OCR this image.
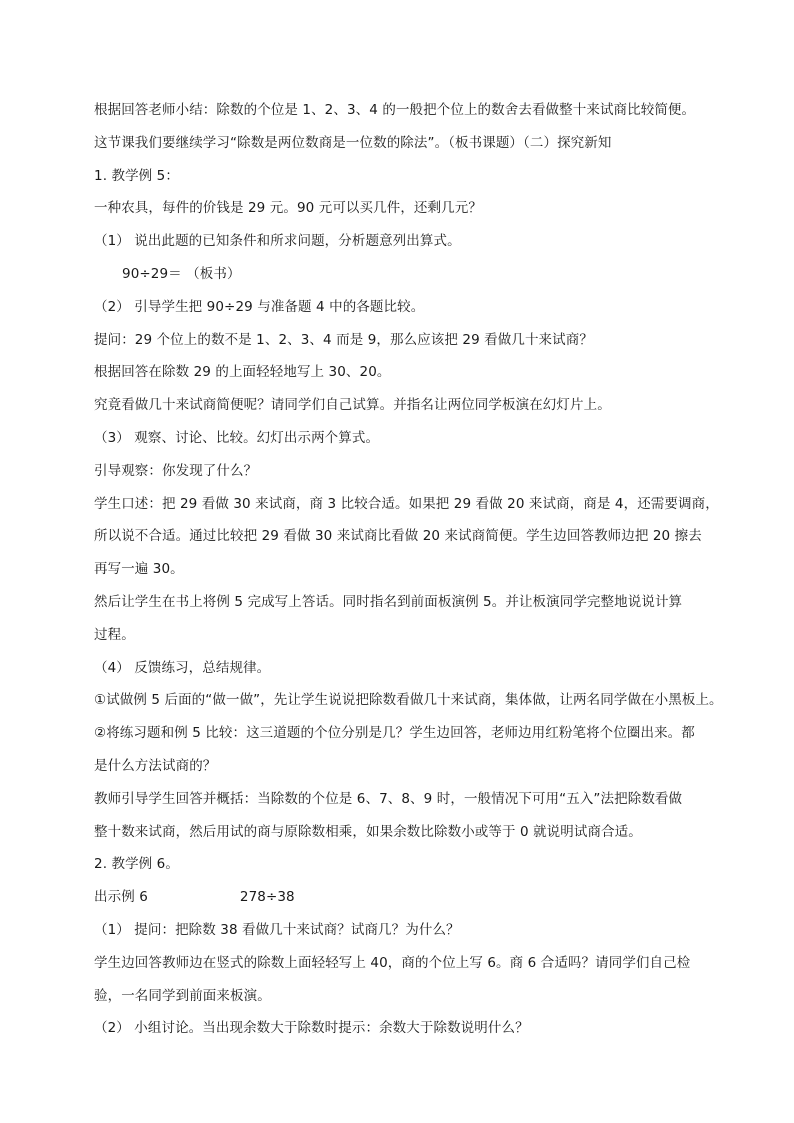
根据回答老师小结：除数的个位是 1、2、3、4 的一般把个位上的数舍去看做整十来试商比较简便。
这节课我们要继续学习“除数是两位数商是一位数的除法”。（板书课题）（二）探究新知
1. 教学例 5：
一种农具，每件的价钱是 29 元。90 元可以买几件，还剩几元？
（1） 说出此题的已知条件和所求问题，分析题意列出算式。
90÷29＝ （板书）
（2） 引导学生把 90÷29 与准备题 4 中的各题比较。
提问：29 个位上的数不是 1、2、3、4 而是 9，那么应该把 29 看做几十来试商？
根据回答在除数 29 的上面轻轻地写上 30、20。
究竟看做几十来试商简便呢？请同学们自己试算。并指名让两位同学板演在幻灯片上。
（3） 观察、讨论、比较。幻灯出示两个算式。
引导观察：你发现了什么？
学生口述：把 29 看做 30 来试商，商 3 比较合适。如果把 29 看做 20 来试商，商是 4，还需要调商，
所以说不合适。通过比较把 29 看做 30 来试商比看做 20 来试商简便。学生边回答教师边把 20 擦去
再写一遍 30。
然后让学生在书上将例 5 完成写上答话。同时指名到前面板演例 5。并让板演同学完整地说说计算
过程。
（4） 反馈练习，总结规律。
①试做例 5 后面的“做一做”，先让学生说说把除数看做几十来试商，集体做，让两名同学做在小黑板上。
②将练习题和例 5 比较：这三道题的个位分别是几？学生边回答，老师边用红粉笔将个位圈出来。都
是什么方法试商的？
教师引导学生回答并概括：当除数的个位是 6、7、8、9 时，一般情况下可用“五入”法把除数看做
整十数来试商，然后用试的商与原除数相乘，如果余数比除数小或等于 0 就说明试商合适。
2. 教学例 6。
出示例 6	278÷38
（1） 提问：把除数 38 看做几十来试商？试商几？为什么？
学生边回答教师边在竖式的除数上面轻轻写上 40，商的个位上写 6。商 6 合适吗？请同学们自己检
验，一名同学到前面来板演。
（2） 小组讨论。当出现余数大于除数时提示：余数大于除数说明什么？
